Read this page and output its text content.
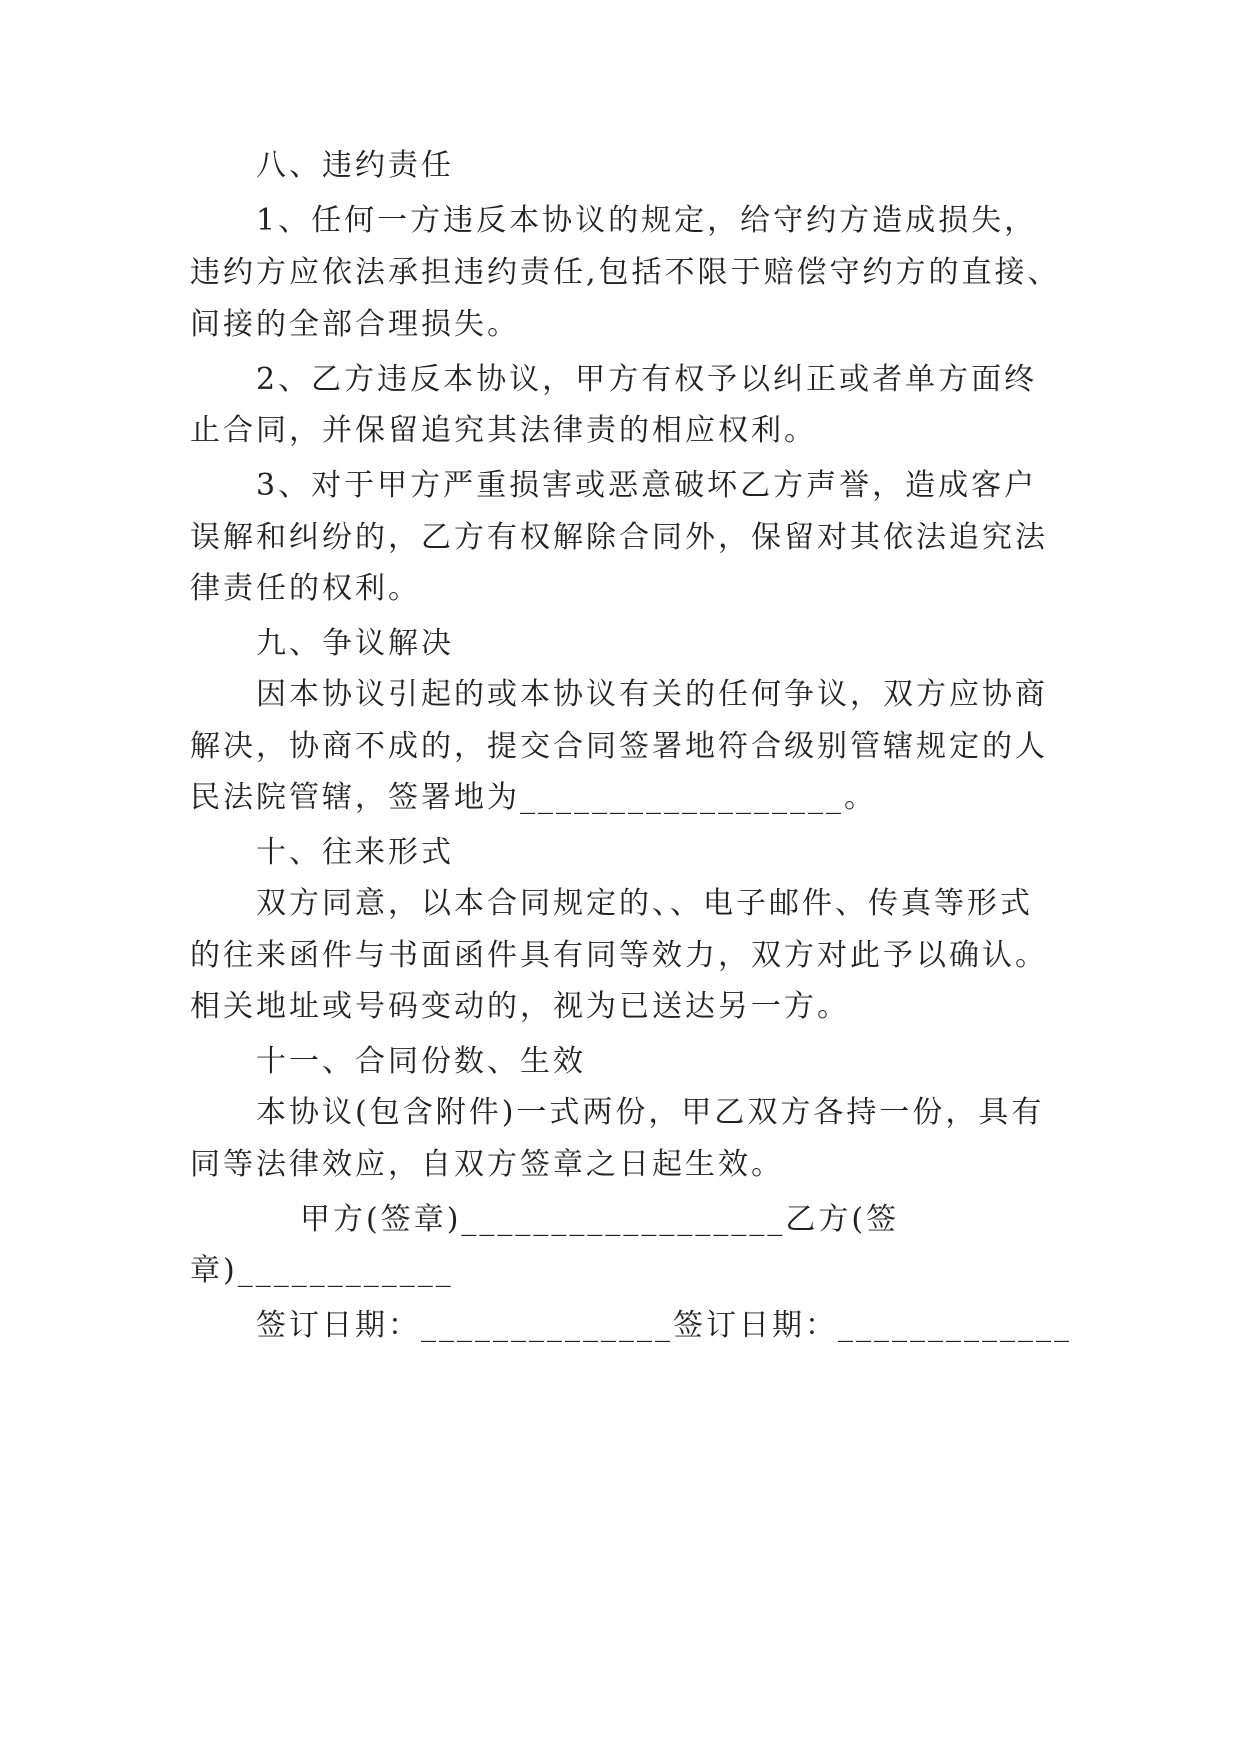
八、违约责任
1、任何一方违反本协议的规定，给守约方造成损失，
违约方应依法承担违约责任,包括不限于赔偿守约方的直接、
间接的全部合理损失。
2、乙方违反本协议，甲方有权予以纠正或者单方面终
止合同，并保留追究其法律责的相应权利。
3、对于甲方严重损害或恶意破坏乙方声誉，造成客户
误解和纠纷的，乙方有权解除合同外，保留对其依法追究法
律责任的权利。
九、争议解决
因本协议引起的或本协议有关的任何争议，双方应协商
解决，协商不成的，提交合同签署地符合级别管辖规定的人
民法院管辖，签署地为__________________。
十、往来形式
双方同意，以本合同规定的、、电子邮件、传真等形式
的往来函件与书面函件具有同等效力，双方对此予以确认。
相关地址或号码变动的，视为已送达另一方。
十一、合同份数、生效
本协议(包含附件)一式两份，甲乙双方各持一份，具有
同等法律效应，自双方签章之日起生效。
甲方(签章)__________________乙方(签
章)____________
签订日期：______________签订日期：_____________
